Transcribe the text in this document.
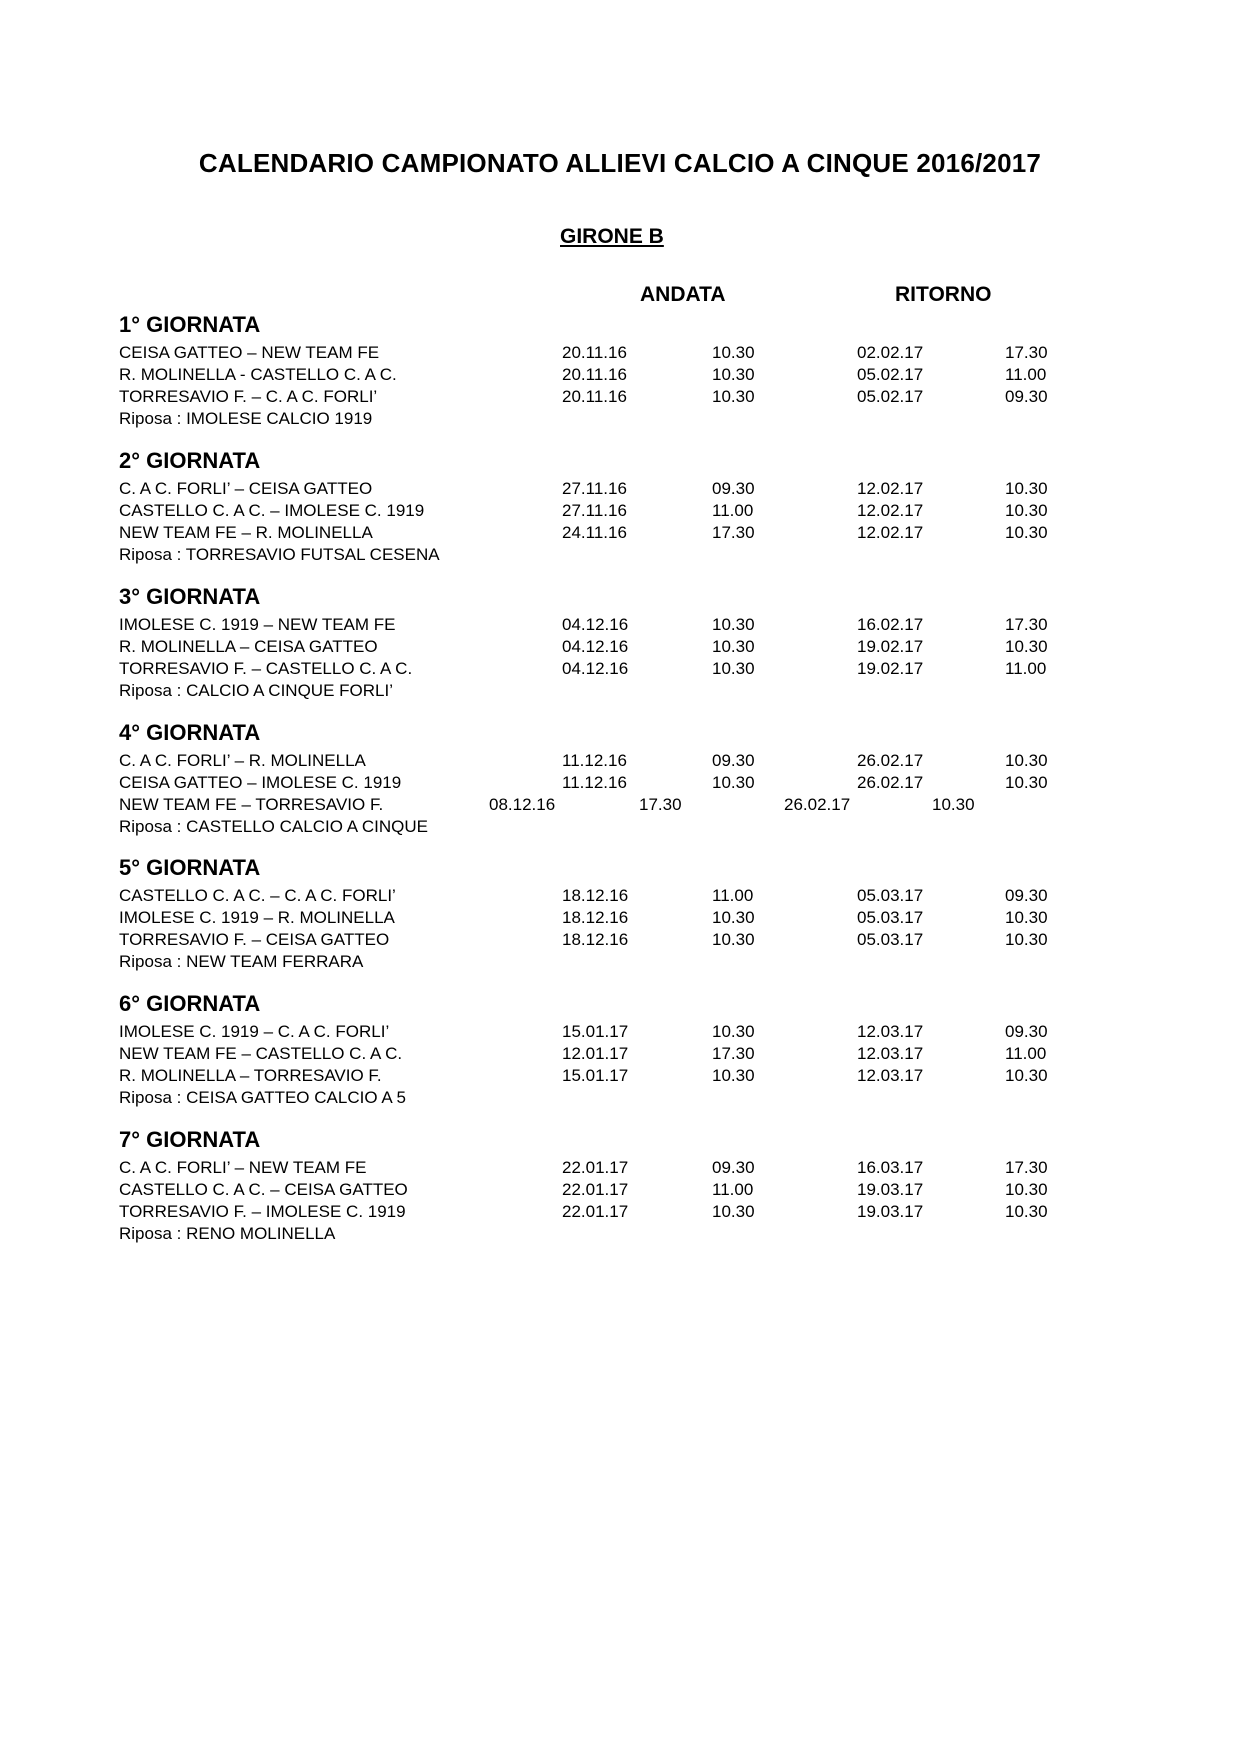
CALENDARIO CAMPIONATO ALLIEVI CALCIO A CINQUE 2016/2017
GIRONE B
ANDATA	RITORNO
1° GIORNATA
CEISA GATTEO – NEW TEAM FE	20.11.16	10.30	02.02.17	17.30
R. MOLINELLA - CASTELLO C. A C.	20.11.16	10.30	05.02.17	11.00
TORRESAVIO F. – C. A C. FORLI’	20.11.16	10.30	05.02.17	09.30
Riposa : IMOLESE CALCIO 1919
2° GIORNATA
C. A C. FORLI’ – CEISA GATTEO	27.11.16	09.30	12.02.17	10.30
CASTELLO C. A C. – IMOLESE C. 1919	27.11.16	11.00	12.02.17	10.30
NEW TEAM FE – R. MOLINELLA	24.11.16	17.30	12.02.17	10.30
Riposa : TORRESAVIO FUTSAL CESENA
3° GIORNATA
IMOLESE C. 1919 – NEW TEAM FE	04.12.16	10.30	16.02.17	17.30
R. MOLINELLA – CEISA GATTEO	04.12.16	10.30	19.02.17	10.30
TORRESAVIO F. – CASTELLO C. A C.	04.12.16	10.30	19.02.17	11.00
Riposa : CALCIO A CINQUE FORLI’
4° GIORNATA
C. A C. FORLI’ – R. MOLINELLA	11.12.16	09.30	26.02.17	10.30
CEISA GATTEO – IMOLESE C. 1919	11.12.16	10.30	26.02.17	10.30
NEW TEAM FE – TORRESAVIO F.	08.12.16	17.30	26.02.17	10.30
Riposa : CASTELLO CALCIO A CINQUE
5° GIORNATA
CASTELLO C. A C. – C. A C. FORLI’	18.12.16	11.00	05.03.17	09.30
IMOLESE C. 1919 – R. MOLINELLA	18.12.16	10.30	05.03.17	10.30
TORRESAVIO F. – CEISA GATTEO	18.12.16	10.30	05.03.17	10.30
Riposa : NEW TEAM FERRARA
6° GIORNATA
IMOLESE C. 1919 – C. A C. FORLI’	15.01.17	10.30	12.03.17	09.30
NEW TEAM FE – CASTELLO C. A C.	12.01.17	17.30	12.03.17	11.00
R. MOLINELLA – TORRESAVIO F.	15.01.17	10.30	12.03.17	10.30
Riposa : CEISA GATTEO CALCIO A 5
7° GIORNATA
C. A C. FORLI’ – NEW TEAM FE	22.01.17	09.30	16.03.17	17.30
CASTELLO C. A C. – CEISA GATTEO	22.01.17	11.00	19.03.17	10.30
TORRESAVIO F. – IMOLESE C. 1919	22.01.17	10.30	19.03.17	10.30
Riposa : RENO MOLINELLA
